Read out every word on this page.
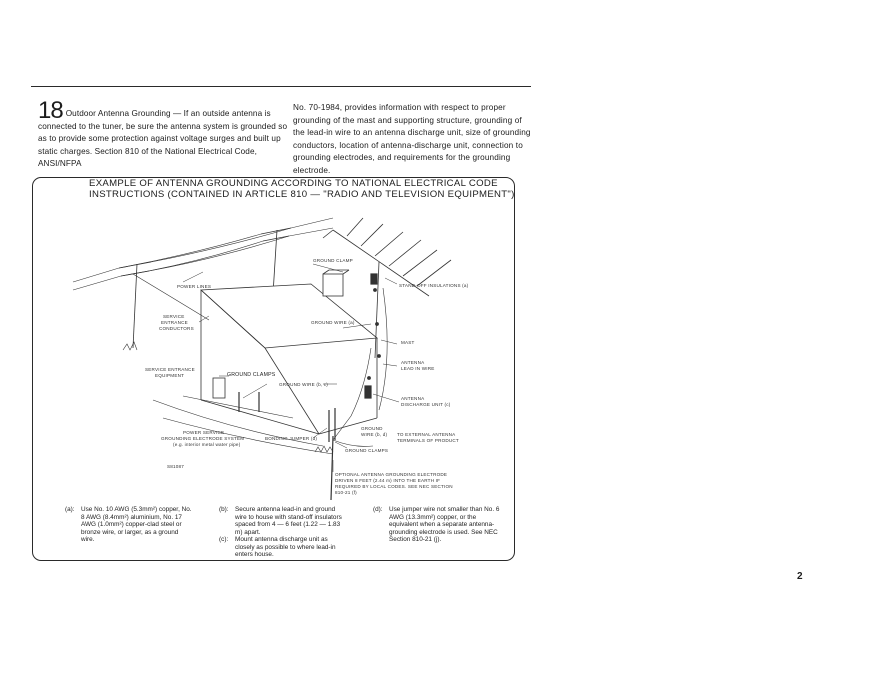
18 Outdoor Antenna Grounding — If an outside antenna is connected to the tuner, be sure the antenna system is grounded so as to provide some protection against voltage surges and built up static charges. Section 810 of the National Electrical Code, ANSI/NFPA
No. 70-1984, provides information with respect to proper grounding of the mast and supporting structure, grounding of the lead-in wire to an antenna discharge unit, size of grounding conductors, location of antenna-discharge unit, connection to grounding electrodes, and requirements for the grounding electrode.
EXAMPLE OF ANTENNA GROUNDING ACCORDING TO NATIONAL ELECTRICAL CODE
INSTRUCTIONS (CONTAINED IN ARTICLE 810 — "RADIO AND TELEVISION EQUIPMENT")
GROUND CLAMP
POWER LINES	STAND-OFF INSULATIONS (a)
SERVICE
ENTRANCE
CONDUCTORS
GROUND WIRE (a)
MAST
ANTENNA
LEAD IN WIRE
SERVICE ENTRANCE
EQUIPMENT	GROUND CLAMPS
GROUND WIRE (b, c)
ANTENNA
DISCHARGE UNIT (c)
POWER SERVICE
GROUNDING ELECTRODE SYSTEM
(e.g. interior metal water pipe)
BONDING JUMPER (d)
GROUND
WIRE (b, d) TO EXTERNAL ANTENNA
TERMINALS OF PRODUCT
GROUND CLAMPS
S81087
OPTIONAL ANTENNA GROUNDING ELECTRODE
DRIVEN 8 FEET (2.44 m) INTO THE EARTH IF
REQUIRED BY LOCAL CODES. SEE NEC SECTION
810-21 (f)
(a): Use No. 10 AWG (5.3mm²) copper, No. 8 AWG (8.4mm²) aluminium, No. 17 AWG (1.0mm²) copper-clad steel or bronze wire, or larger, as a ground wire.
(b): Secure antenna lead-in and ground wire to house with stand-off insulators spaced from 4 — 6 feet (1.22 — 1.83 m) apart.
(c): Mount antenna discharge unit as closely as possible to where lead-in enters house.
(d): Use jumper wire not smaller than No. 6 AWG (13.3mm²) copper, or the equivalent when a separate antenna-grounding electrode is used. See NEC Section 810-21 (j).
2
